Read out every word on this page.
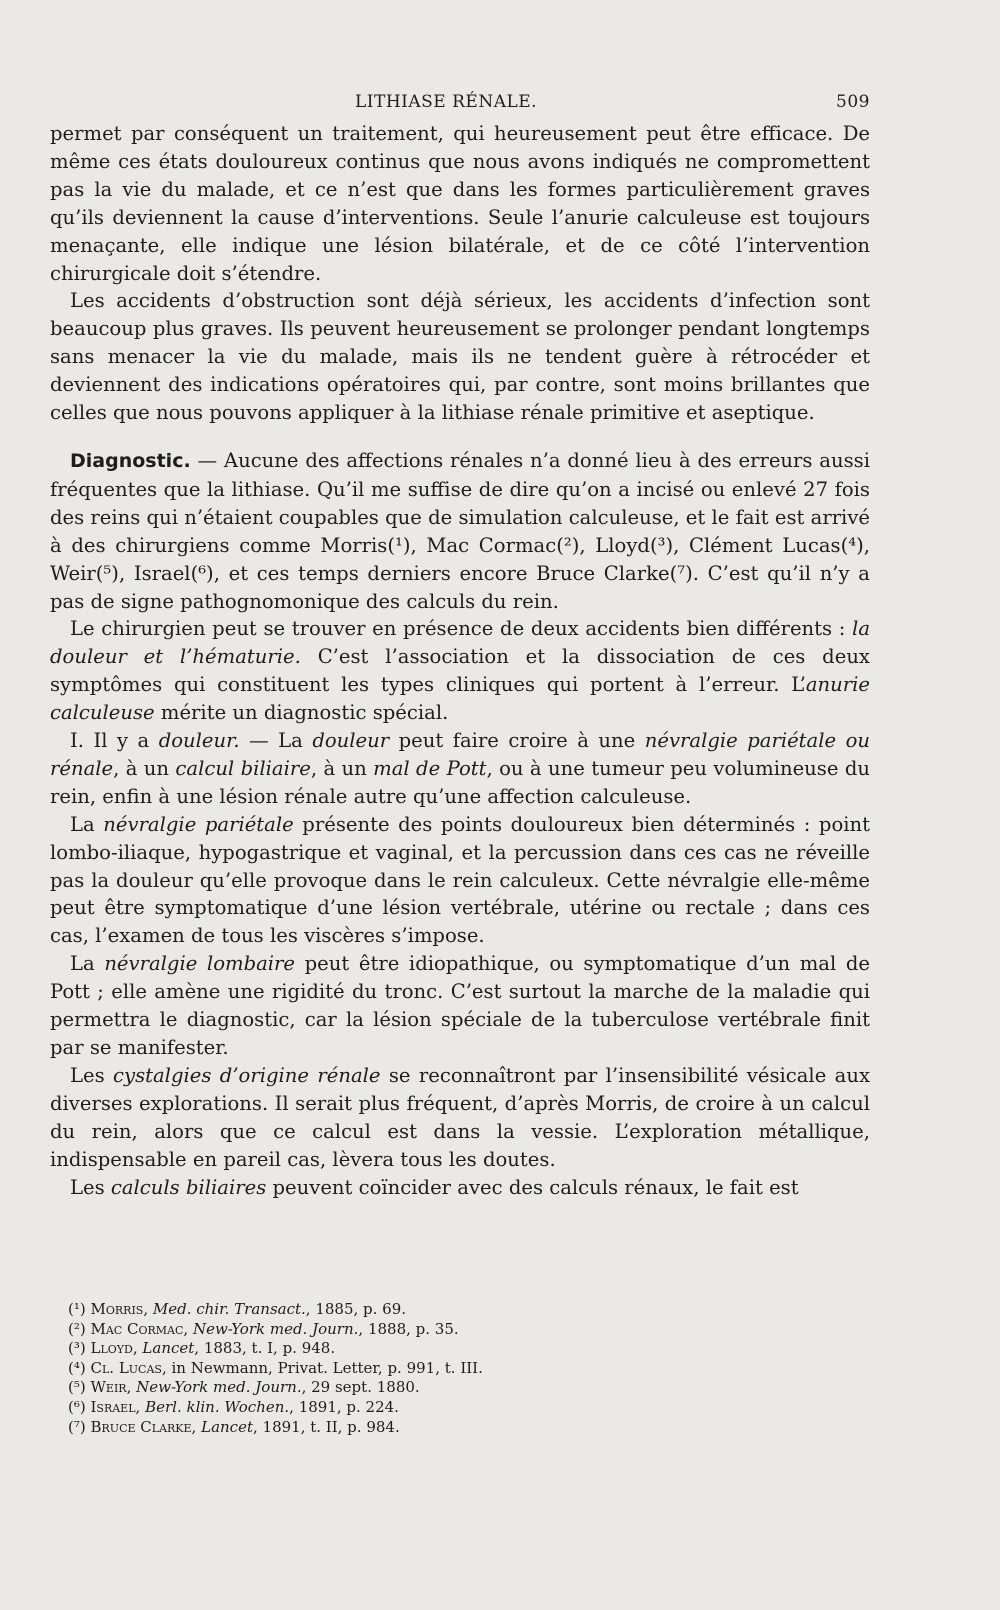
LITHIASE RÉNALE.	509

permet par conséquent un traitement, qui heureusement peut être efficace. De même ces états douloureux continus que nous avons indiqués ne compromettent pas la vie du malade, et ce n’est que dans les formes particulièrement graves qu’ils deviennent la cause d’interventions. Seule l’anurie calculeuse est toujours menaçante, elle indique une lésion bilatérale, et de ce côté l’intervention chirurgicale doit s’étendre.

Les accidents d’obstruction sont déjà sérieux, les accidents d’infection sont beaucoup plus graves. Ils peuvent heureusement se prolonger pendant longtemps sans menacer la vie du malade, mais ils ne tendent guère à rétrocéder et deviennent des indications opératoires qui, par contre, sont moins brillantes que celles que nous pouvons appliquer à la lithiase rénale primitive et aseptique.

Diagnostic. — Aucune des affections rénales n’a donné lieu à des erreurs aussi fréquentes que la lithiase. Qu’il me suffise de dire qu’on a incisé ou enlevé 27 fois des reins qui n’étaient coupables que de simulation calculeuse, et le fait est arrivé à des chirurgiens comme Morris(¹), Mac Cormac(²), Lloyd(³), Clément Lucas(⁴), Weir(⁵), Israel(⁶), et ces temps derniers encore Bruce Clarke(⁷). C’est qu’il n’y a pas de signe pathognomonique des calculs du rein.

Le chirurgien peut se trouver en présence de deux accidents bien différents : la douleur et l’hématurie. C’est l’association et la dissociation de ces deux symptômes qui constituent les types cliniques qui portent à l’erreur. L’anurie calculeuse mérite un diagnostic spécial.

I. Il y a douleur. — La douleur peut faire croire à une névralgie pariétale ou rénale, à un calcul biliaire, à un mal de Pott, ou à une tumeur peu volumineuse du rein, enfin à une lésion rénale autre qu’une affection calculeuse.

La névralgie pariétale présente des points douloureux bien déterminés : point lombo-iliaque, hypogastrique et vaginal, et la percussion dans ces cas ne réveille pas la douleur qu’elle provoque dans le rein calculeux. Cette névralgie elle-même peut être symptomatique d’une lésion vertébrale, utérine ou rectale ; dans ces cas, l’examen de tous les viscères s’impose.

La névralgie lombaire peut être idiopathique, ou symptomatique d’un mal de Pott ; elle amène une rigidité du tronc. C’est surtout la marche de la maladie qui permettra le diagnostic, car la lésion spéciale de la tuberculose vertébrale finit par se manifester.

Les cystalgies d’origine rénale se reconnaîtront par l’insensibilité vésicale aux diverses explorations. Il serait plus fréquent, d’après Morris, de croire à un calcul du rein, alors que ce calcul est dans la vessie. L’exploration métallique, indispensable en pareil cas, lèvera tous les doutes.

Les calculs biliaires peuvent coïncider avec des calculs rénaux, le fait est

(¹) Morris, Med. chir. Transact., 1885, p. 69.
(²) Mac Cormac, New-York med. Journ., 1888, p. 35.
(³) Lloyd, Lancet, 1883, t. I, p. 948.
(⁴) Cl. Lucas, in Newmann, Privat. Letter, p. 991, t. III.
(⁵) Weir, New-York med. Journ., 29 sept. 1880.
(⁶) Israel, Berl. klin. Wochen., 1891, p. 224.
(⁷) Bruce Clarke, Lancet, 1891, t. II, p. 984.
